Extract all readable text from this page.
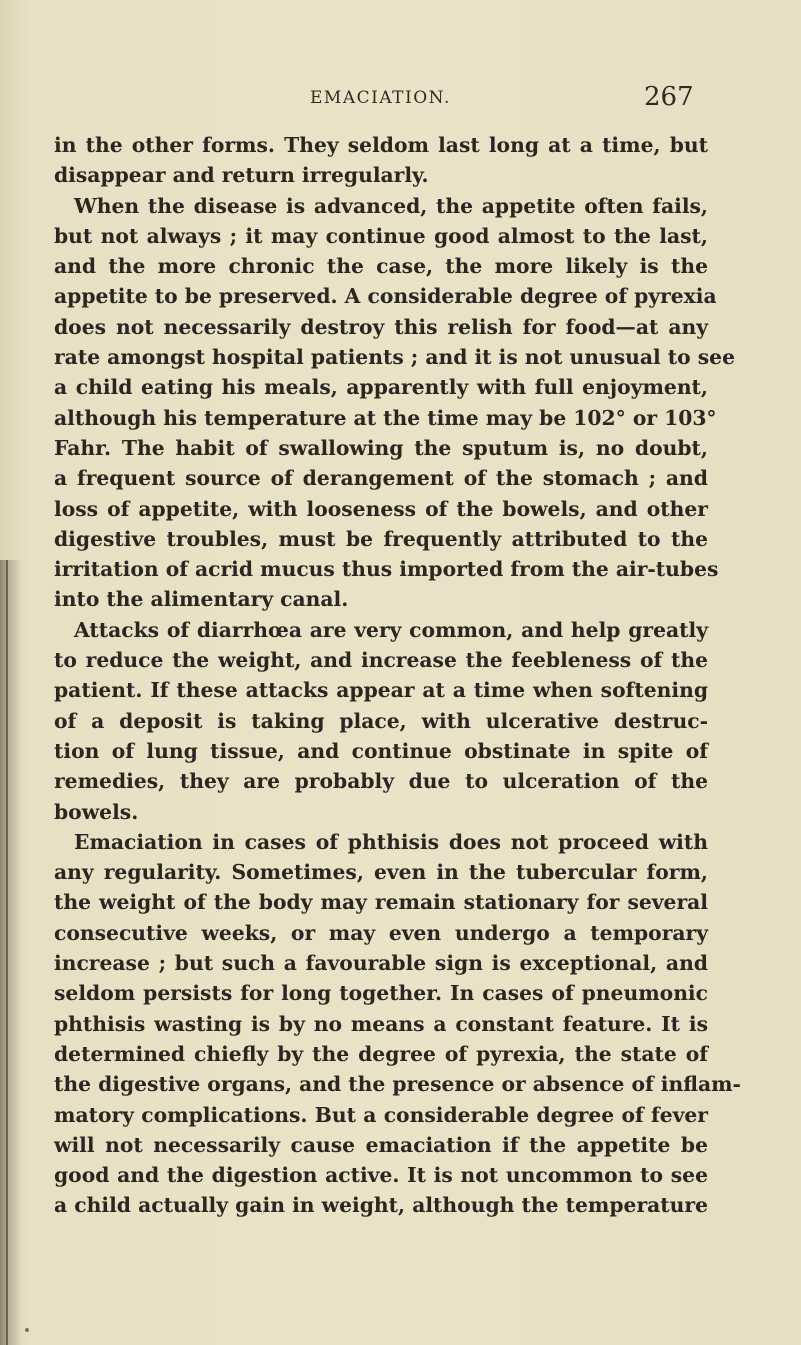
EMACIATION.	267
in the other forms. They seldom last long at a time, but
disappear and return irregularly.
When the disease is advanced, the appetite often fails,
but not always ; it may continue good almost to the last,
and the more chronic the case, the more likely is the
appetite to be preserved. A considerable degree of pyrexia
does not necessarily destroy this relish for food—at any
rate amongst hospital patients ; and it is not unusual to see
a child eating his meals, apparently with full enjoyment,
although his temperature at the time may be 102° or 103°
Fahr. The habit of swallowing the sputum is, no doubt,
a frequent source of derangement of the stomach ; and
loss of appetite, with looseness of the bowels, and other
digestive troubles, must be frequently attributed to the
irritation of acrid mucus thus imported from the air-tubes
into the alimentary canal.
Attacks of diarrhœa are very common, and help greatly
to reduce the weight, and increase the feebleness of the
patient. If these attacks appear at a time when softening
of a deposit is taking place, with ulcerative destruc-
tion of lung tissue, and continue obstinate in spite of
remedies, they are probably due to ulceration of the
bowels.
Emaciation in cases of phthisis does not proceed with
any regularity. Sometimes, even in the tubercular form,
the weight of the body may remain stationary for several
consecutive weeks, or may even undergo a temporary
increase ; but such a favourable sign is exceptional, and
seldom persists for long together. In cases of pneumonic
phthisis wasting is by no means a constant feature. It is
determined chiefly by the degree of pyrexia, the state of
the digestive organs, and the presence or absence of inflam-
matory complications. But a considerable degree of fever
will not necessarily cause emaciation if the appetite be
good and the digestion active. It is not uncommon to see
a child actually gain in weight, although the temperature
